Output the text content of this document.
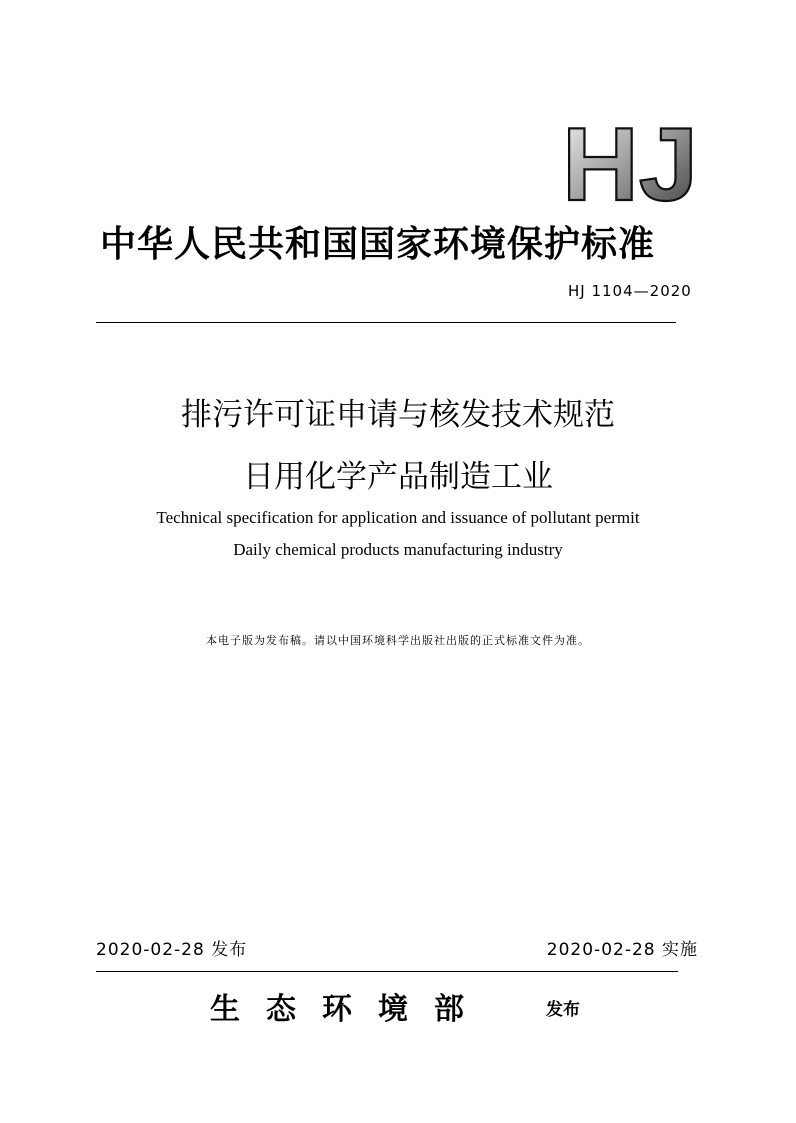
HJ
中华人民共和国国家环境保护标准
HJ 1104—2020
排污许可证申请与核发技术规范
日用化学产品制造工业
Technical specification for application and issuance of pollutant permit
Daily chemical products manufacturing industry
本电子版为发布稿。请以中国环境科学出版社出版的正式标准文件为准。
2020-02-28 发布	2020-02-28 实施
生态环境部	发布
